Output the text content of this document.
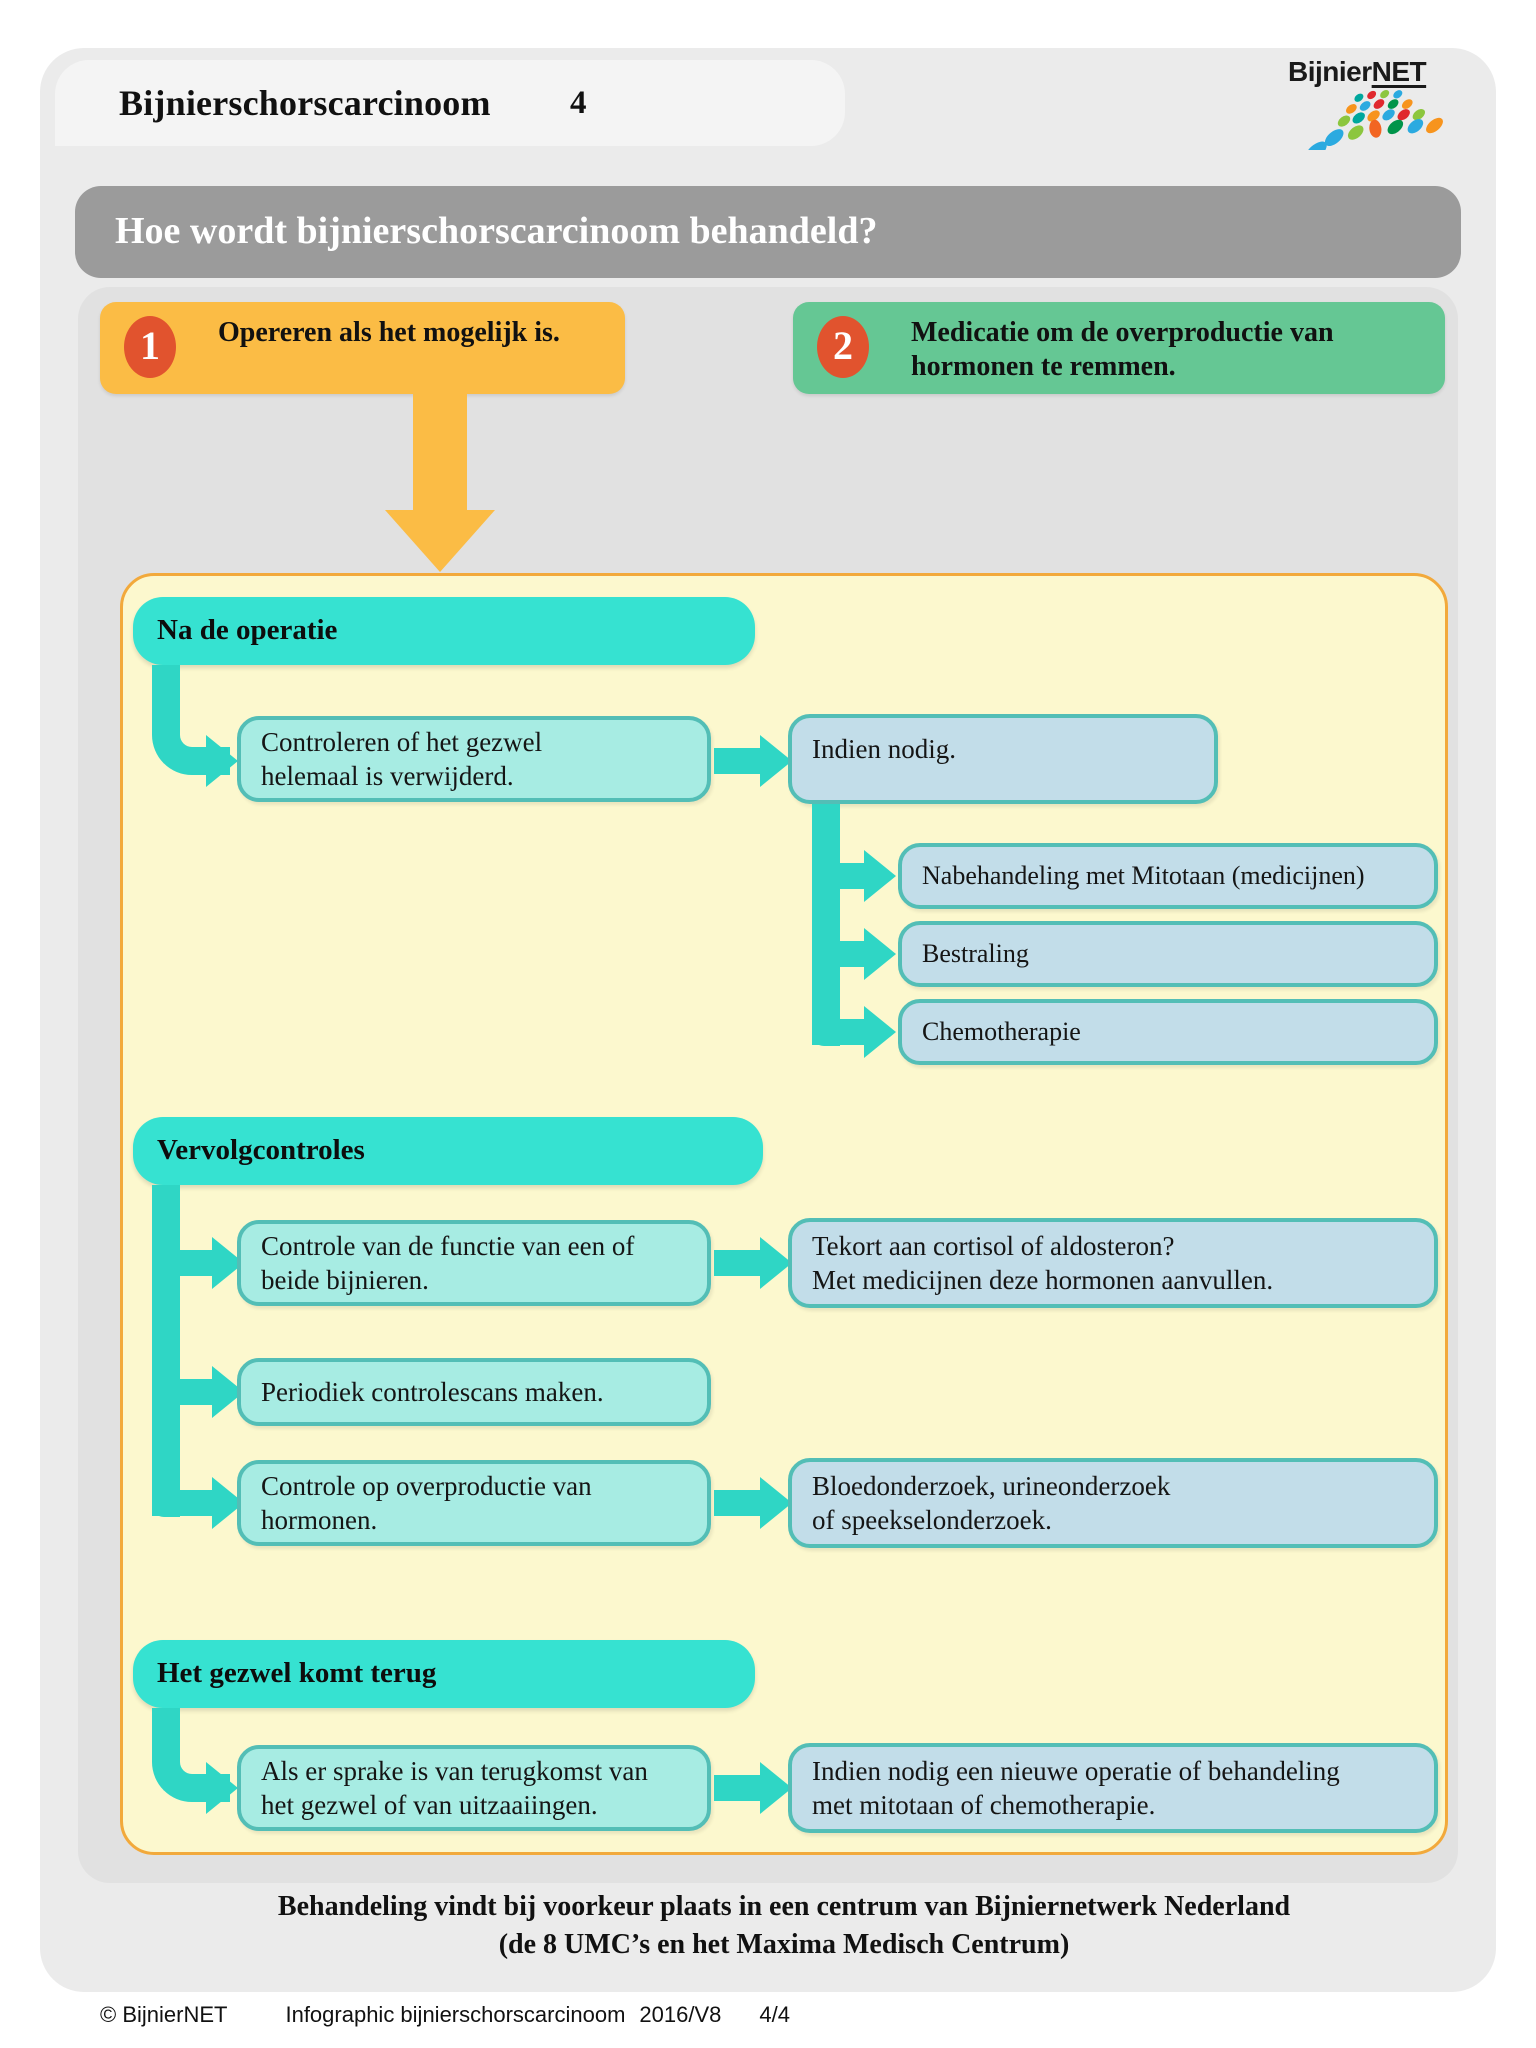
Bijnierschorscarcinoom 4
BijnierNET
Hoe wordt bijnierschorscarcinoom behandeld?
1	Opereren als het mogelijk is.	2	Medicatie om de overproductie van hormonen te remmen.
Na de operatie
Controleren of het gezwel
helemaal is verwijderd.
Indien nodig.
Nabehandeling met Mitotaan (medicijnen)
Bestraling
Chemotherapie
Vervolgcontroles
Controle van de functie van een of
beide bijnieren.
Tekort aan cortisol of aldosteron?
Met medicijnen deze hormonen aanvullen.
Periodiek controlescans maken.
Controle op overproductie van
hormonen.
Bloedonderzoek, urineonderzoek
of speekselonderzoek.
Het gezwel komt terug
Als er sprake is van terugkomst van
het gezwel of van uitzaaiingen.
Indien nodig een nieuwe operatie of behandeling
met mitotaan of chemotherapie.
Behandeling vindt bij voorkeur plaats in een centrum van Bijniernetwerk Nederland
(de 8 UMC’s en het Maxima Medisch Centrum)
© BijnierNET	Infographic bijnierschorscarcinoom 2016/V8 4/4
